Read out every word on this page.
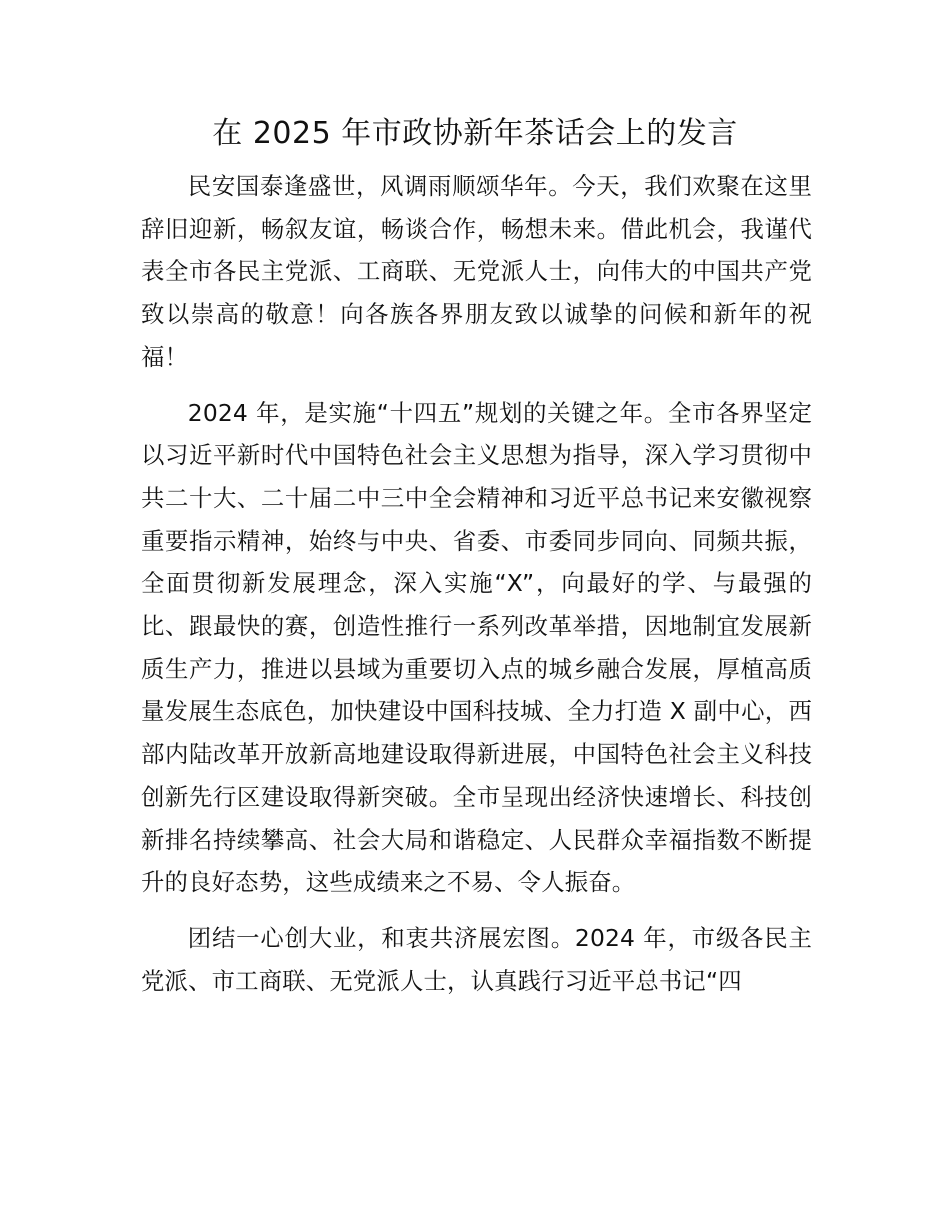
在 2025 年市政协新年茶话会上的发言

民安国泰逢盛世，风调雨顺颂华年。今天，我们欢聚在这里辞旧迎新，畅叙友谊，畅谈合作，畅想未来。借此机会，我谨代表全市各民主党派、工商联、无党派人士，向伟大的中国共产党致以崇高的敬意！向各族各界朋友致以诚挚的问候和新年的祝福！

2024 年，是实施“十四五”规划的关键之年。全市各界坚定以习近平新时代中国特色社会主义思想为指导，深入学习贯彻中共二十大、二十届二中三中全会精神和习近平总书记来安徽视察重要指示精神，始终与中央、省委、市委同步同向、同频共振，全面贯彻新发展理念，深入实施“X”，向最好的学、与最强的比、跟最快的赛，创造性推行一系列改革举措，因地制宜发展新质生产力，推进以县域为重要切入点的城乡融合发展，厚植高质量发展生态底色，加快建设中国科技城、全力打造 X 副中心，西部内陆改革开放新高地建设取得新进展，中国特色社会主义科技创新先行区建设取得新突破。全市呈现出经济快速增长、科技创新排名持续攀高、社会大局和谐稳定、人民群众幸福指数不断提升的良好态势，这些成绩来之不易、令人振奋。

团结一心创大业，和衷共济展宏图。2024 年，市级各民主党派、市工商联、无党派人士，认真践行习近平总书记“四
